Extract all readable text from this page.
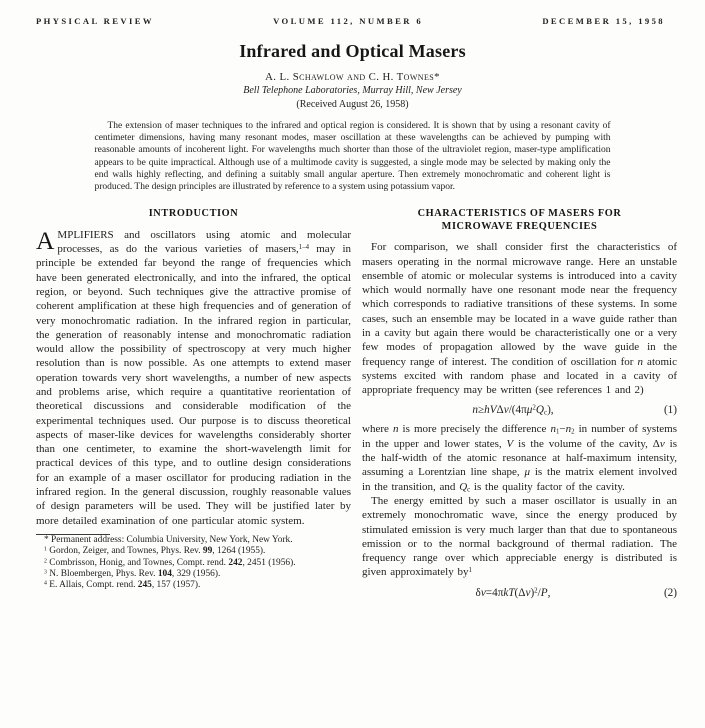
PHYSICAL REVIEW	VOLUME 112, NUMBER 6	DECEMBER 15, 1958
Infrared and Optical Masers
A. L. Schawlow and C. H. Townes*
Bell Telephone Laboratories, Murray Hill, New Jersey
(Received August 26, 1958)

The extension of maser techniques to the infrared and optical region is considered. It is shown that by using a resonant cavity of centimeter dimensions, having many resonant modes, maser oscillation at these wavelengths can be achieved by pumping with reasonable amounts of incoherent light. For wavelengths much shorter than those of the ultraviolet region, maser-type amplification appears to be quite impractical. Although use of a multimode cavity is suggested, a single mode may be selected by making only the end walls highly reflecting, and defining a suitably small angular aperture. Then extremely monochromatic and coherent light is produced. The design principles are illustrated by reference to a system using potassium vapor.

INTRODUCTION

AMPLIFIERS and oscillators using atomic and molecular processes, as do the various varieties of masers,$^{1-4}$ may in principle be extended far beyond the range of frequencies which have been generated electronically, and into the infrared, the optical region, or beyond. Such techniques give the attractive promise of coherent amplification at these high frequencies and of generation of very monochromatic radiation. In the infrared region in particular, the generation of reasonably intense and monochromatic radiation would allow the possibility of spectroscopy at very much higher resolution than is now possible. As one attempts to extend maser operation towards very short wavelengths, a number of new aspects and problems arise, which require a quantitative reorientation of theoretical discussions and considerable modification of the experimental techniques used. Our purpose is to discuss theoretical aspects of maser-like devices for wavelengths considerably shorter than one centimeter, to examine the short-wavelength limit for practical devices of this type, and to outline design considerations for an example of a maser oscillator for producing radiation in the infrared region. In the general discussion, roughly reasonable values of design parameters will be used. They will be justified later by more detailed examination of one particular atomic system.

* Permanent address: Columbia University, New York, New York.

$^1$ Gordon, Zeiger, and Townes, Phys. Rev. 99, 1264 (1955).

$^2$ Combrisson, Honig, and Townes, Compt. rend. 242, 2451 (1956).

$^3$ N. Bloembergen, Phys. Rev. 104, 329 (1956).

$^4$ E. Allais, Compt. rend. 245, 157 (1957).

CHARACTERISTICS OF MASERS FOR
MICROWAVE FREQUENCIES

For comparison, we shall consider first the characteristics of masers operating in the normal microwave range. Here an unstable ensemble of atomic or molecular systems is introduced into a cavity which would normally have one resonant mode near the frequency which corresponds to radiative transitions of these systems. In some cases, such an ensemble may be located in a wave guide rather than in a cavity but again there would be characteristically one or a very few modes of propagation allowed by the wave guide in the frequency range of interest. The condition of oscillation for n atomic systems excited with random phase and located in a cavity of appropriate frequency may be written (see references 1 and 2)

$n\ge hV\Delta\nu/(4\pi\mu^2Q_c)$,	(1)

where n is more precisely the difference $n_1-n_2$ in number of systems in the upper and lower states, V is the volume of the cavity, Δν is the half-width of the atomic resonance at half-maximum intensity, assuming a Lorentzian line shape, μ is the matrix element involved in the transition, and $Q_c$ is the quality factor of the cavity.

The energy emitted by such a maser oscillator is usually in an extremely monochromatic wave, since the energy produced by stimulated emission is very much larger than that due to spontaneous emission or to the normal background of thermal radiation. The frequency range over which appreciable energy is distributed is given approximately $by^1$

$\delta\nu=4\pi kT(\Delta\nu)^2/P$,	(2)
